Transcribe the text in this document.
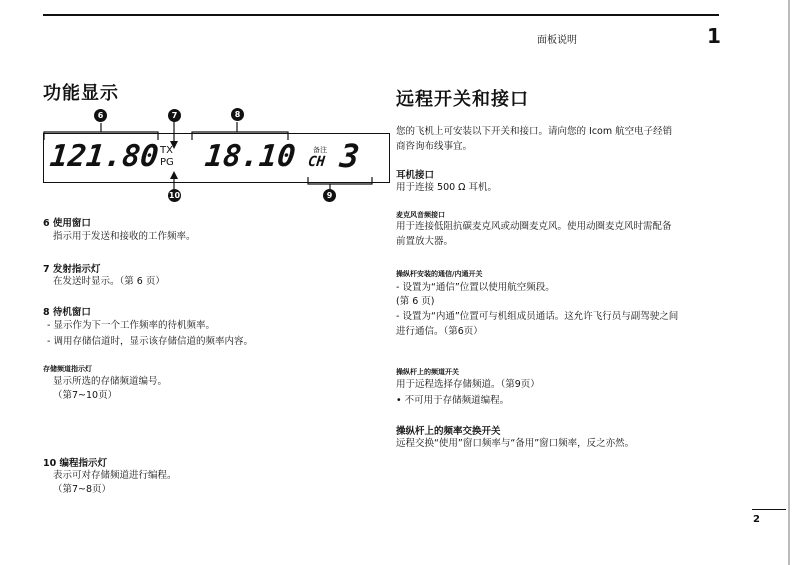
面板说明	1
功能显示
6	7	8
9
10
121.80 TX
PG 18.10 备注
CH 3
6 使用窗口
指示用于发送和接收的工作频率。
7 发射指示灯
在发送时显示。（第 6 页）
8 待机窗口
- 显示作为下一个工作频率的待机频率。
- 调用存储信道时，显示该存储信道的频率内容。
存储频道指示灯
显示所选的存储频道编号。
（第7~10页）
10 编程指示灯
表示可对存储频道进行编程。
（第7~8页）
远程开关和接口
您的飞机上可安装以下开关和接口。请向您的 Icom 航空电子经销
商咨询布线事宜。
耳机接口
用于连接 500 Ω 耳机。
麦克风音频接口
用于连接低阻抗碳麦克风或动圈麦克风。使用动圈麦克风时需配备
前置放大器。
操纵杆安装的通信/内通开关
- 设置为“通信”位置以使用航空频段。
(第 6 页)
- 设置为“内通”位置可与机组成员通话。这允许飞行员与副驾驶之间
进行通信。（第6页）
操纵杆上的频道开关
用于远程选择存储频道。（第9页）
• 不可用于存储频道编程。
操纵杆上的频率交换开关
远程交换“使用”窗口频率与“备用”窗口频率，反之亦然。
2
